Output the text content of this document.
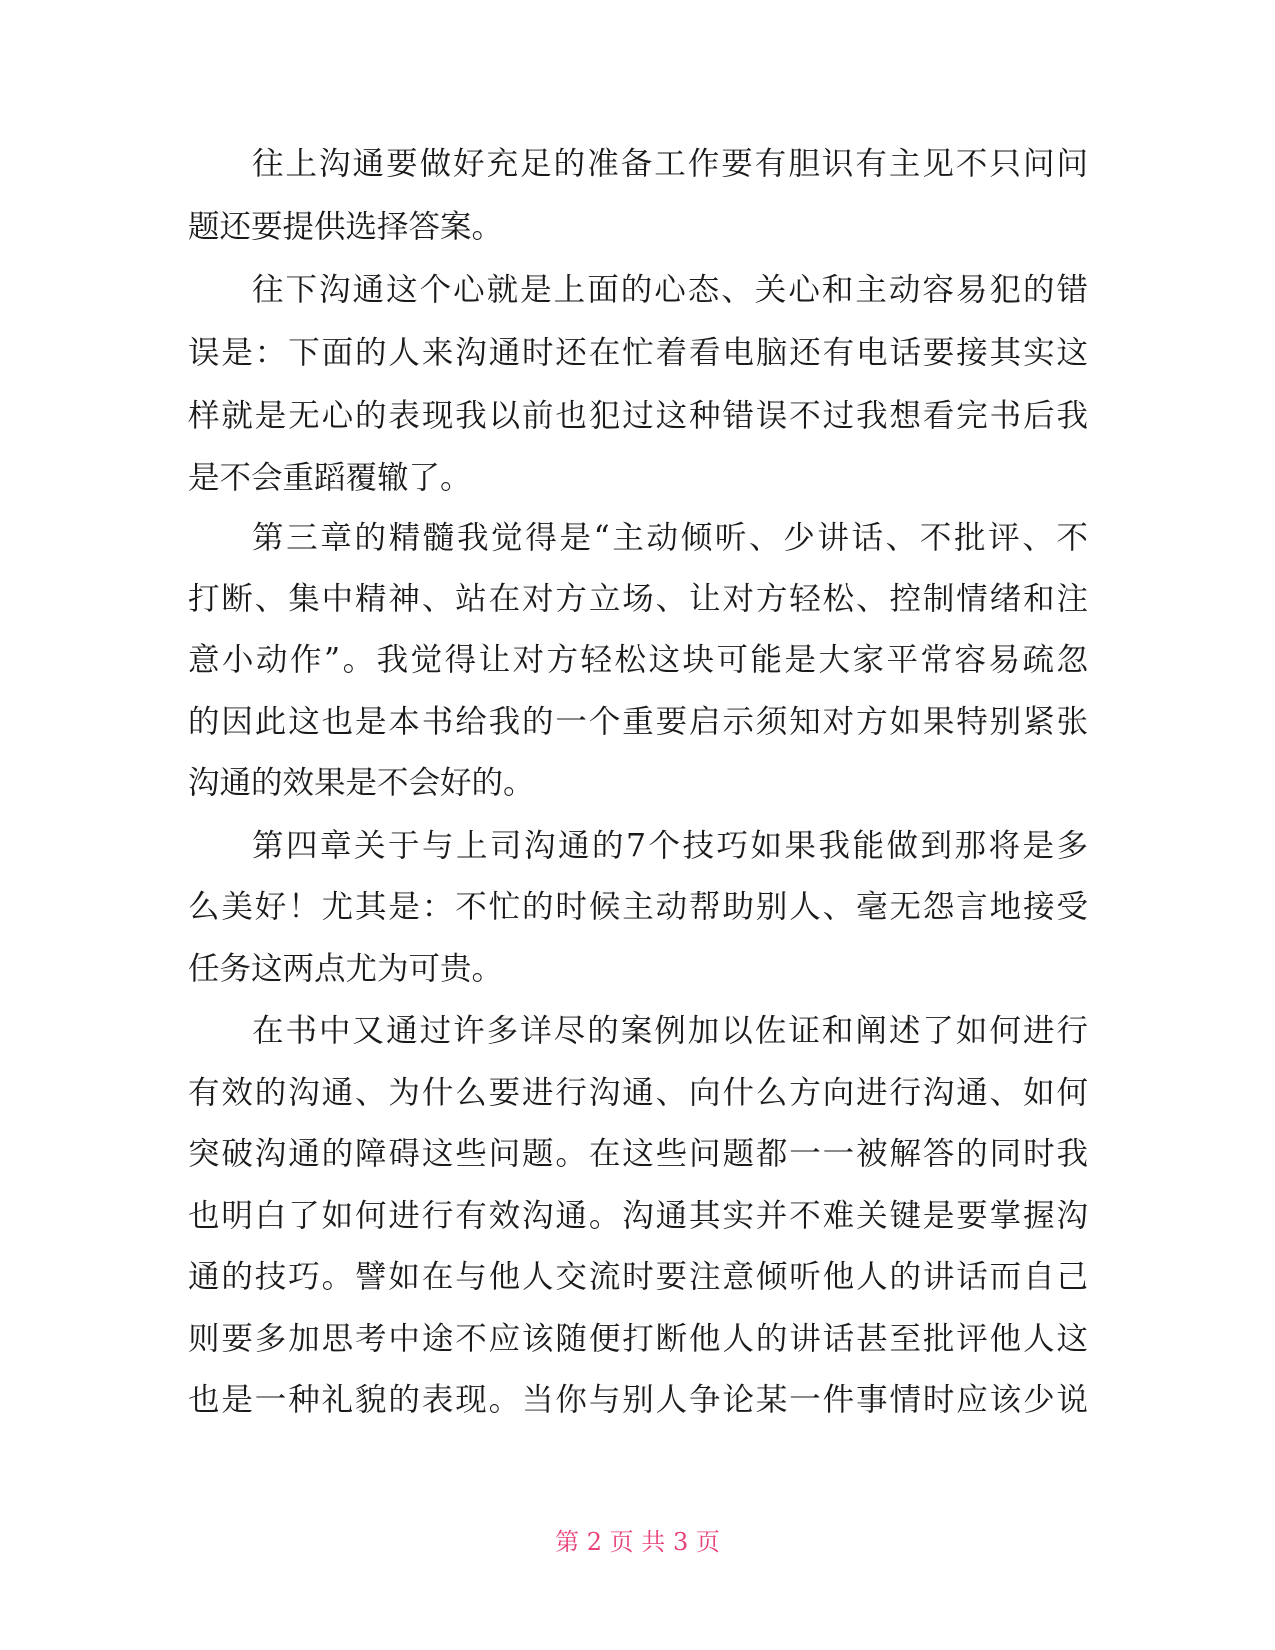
往上沟通要做好充足的准备工作要有胆识有主见不只问问
题还要提供选择答案。
往下沟通这个心就是上面的心态、关心和主动容易犯的错
误是：下面的人来沟通时还在忙着看电脑还有电话要接其实这
样就是无心的表现我以前也犯过这种错误不过我想看完书后我
是不会重蹈覆辙了。
第三章的精髓我觉得是“主动倾听、少讲话、不批评、不
打断、集中精神、站在对方立场、让对方轻松、控制情绪和注
意小动作”。我觉得让对方轻松这块可能是大家平常容易疏忽
的因此这也是本书给我的一个重要启示须知对方如果特别紧张
沟通的效果是不会好的。
第四章关于与上司沟通的7个技巧如果我能做到那将是多
么美好！尤其是：不忙的时候主动帮助别人、毫无怨言地接受
任务这两点尤为可贵。
在书中又通过许多详尽的案例加以佐证和阐述了如何进行
有效的沟通、为什么要进行沟通、向什么方向进行沟通、如何
突破沟通的障碍这些问题。在这些问题都一一被解答的同时我
也明白了如何进行有效沟通。沟通其实并不难关键是要掌握沟
通的技巧。譬如在与他人交流时要注意倾听他人的讲话而自己
则要多加思考中途不应该随便打断他人的讲话甚至批评他人这
也是一种礼貌的表现。当你与别人争论某一件事情时应该少说
第 2 页 共 3 页
